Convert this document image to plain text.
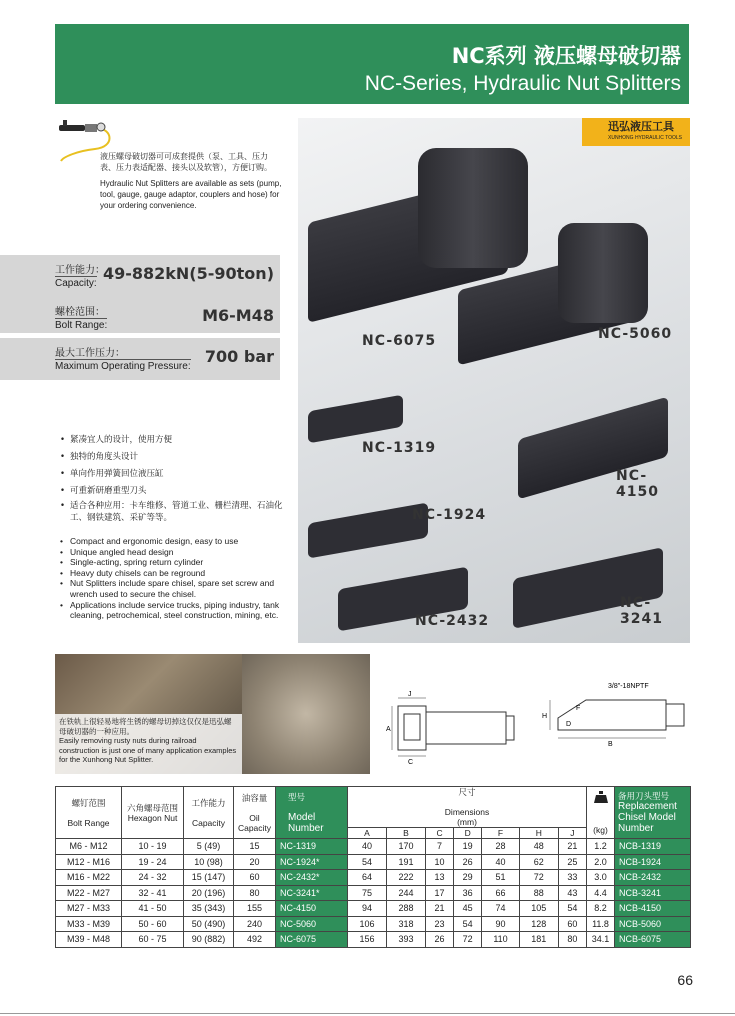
NC系列 液压螺母破切器
NC-Series, Hydraulic Nut Splitters
液压螺母破切器可可成套提供（泵、工具、压力表、压力表适配器、接头以及软管），方便订购。
Hydraulic Nut Splitters are available as sets (pump, tool, gauge, gauge adaptor, couplers and hose) for your ordering convenience.
工作能力：
Capacity:
49-882kN(5-90ton)
螺栓范围：
Bolt Range:
M6-M48
最大工作压力：
Maximum Operating Pressure:
700 bar
• 紧凑宜人的设计，使用方便
• 独特的角度头设计
• 单向作用弹簧回位液压缸
• 可重新研磨重型刀头
• 适合各种应用：卡车维修、管道工业、栅栏清理、石油化工、钢铁建筑、采矿等等。
• Compact and ergonomic design, easy to use
• Unique angled head design
• Single-acting, spring return cylinder
• Heavy duty chisels can be reground
• Nut Splitters include spare chisel, spare set screw and wrench used to secure the chisel.
• Applications include service trucks, piping industry, tank cleaning, petrochemical, steel construction, mining, etc.
NC-6075	NC-5060
NC-1319
NC-4150
NC-1924
NC-2432
NC-3241
迅弘液压工具
XUNHONG HYDRAULIC TOOLS
在铁轨上很轻易地将生锈的螺母切掉这仅仅是迅弘螺母破切器的一种应用。
Easily removing rusty nuts during railroad construction is just one of many application examples for the Xunhong Nut Splitter.
J
A
C
3/8"-18NPTF
H
F
D
B
螺钉范围

Bolt Range	六角螺母范围
Hexagon Nut	工作能力

Capacity	油容量

Oil Capacity	型号

Model Number	尺寸

Dimensions
(mm)							(kg)	备用刀头型号
Replacement Chisel Model Number
					A	B	C	D	F	H	J		
M6 - M12	10 - 19	5 (49)	15	NC-1319	40	170	7	19	28	48	21	1.2	NCB-1319
M12 - M16	19 - 24	10 (98)	20	NC-1924*	54	191	10	26	40	62	25	2.0	NCB-1924
M16 - M22	24 - 32	15 (147)	60	NC-2432*	64	222	13	29	51	72	33	3.0	NCB-2432
M22 - M27	32 - 41	20 (196)	80	NC-3241*	75	244	17	36	66	88	43	4.4	NCB-3241
M27 - M33	41 - 50	35 (343)	155	NC-4150	94	288	21	45	74	105	54	8.2	NCB-4150
M33 - M39	50 - 60	50 (490)	240	NC-5060	106	318	23	54	90	128	60	11.8	NCB-5060
M39 - M48	60 - 75	90 (882)	492	NC-6075	156	393	26	72	110	181	80	34.1	NCB-6075
66
